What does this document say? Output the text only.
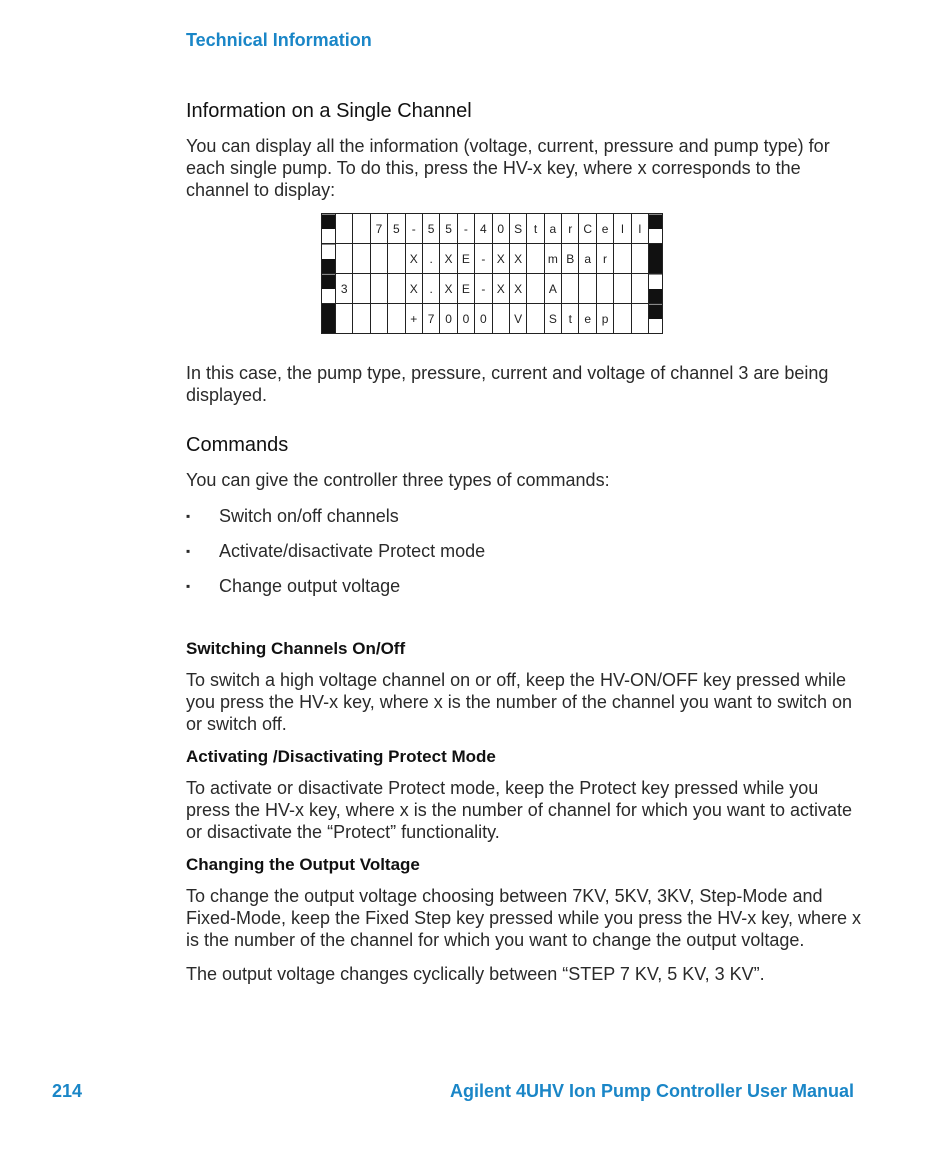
Technical Information
Information on a Single Channel

You can display all the information (voltage, current, pressure and pump type) for each single pump. To do this, press the HV-x key, where x corresponds to the channel to display:

			7	5	-	5	5	-	4	0	S	t	a	r	C	e	l	l	
					X	.	X	E	-	X	X		m	B	a	r			
	3				X	.	X	E	-	X	X		A						
					+	7	0	0	0		V		S	t	e	p			

In this case, the pump type, pressure, current and voltage of channel 3 are being displayed.

Commands

You can give the controller three types of commands:

▪ Switch on/off channels
▪ Activate/disactivate Protect mode
▪ Change output voltage
Switching Channels On/Off

To switch a high voltage channel on or off, keep the HV-ON/OFF key pressed while you press the HV-x key, where x is the number of the channel you want to switch on or switch off.

Activating /Disactivating Protect Mode

To activate or disactivate Protect mode, keep the Protect key pressed while you press the HV-x key, where x is the number of channel for which you want to activate or disactivate the “Protect” functionality.

Changing the Output Voltage

To change the output voltage choosing between 7KV, 5KV, 3KV, Step-Mode and Fixed-Mode, keep the Fixed Step key pressed while you press the HV-x key, where x is the number of the channel for which you want to change the output voltage.

The output voltage changes cyclically between “STEP 7 KV, 5 KV, 3 KV”.

214	Agilent 4UHV Ion Pump Controller User Manual
